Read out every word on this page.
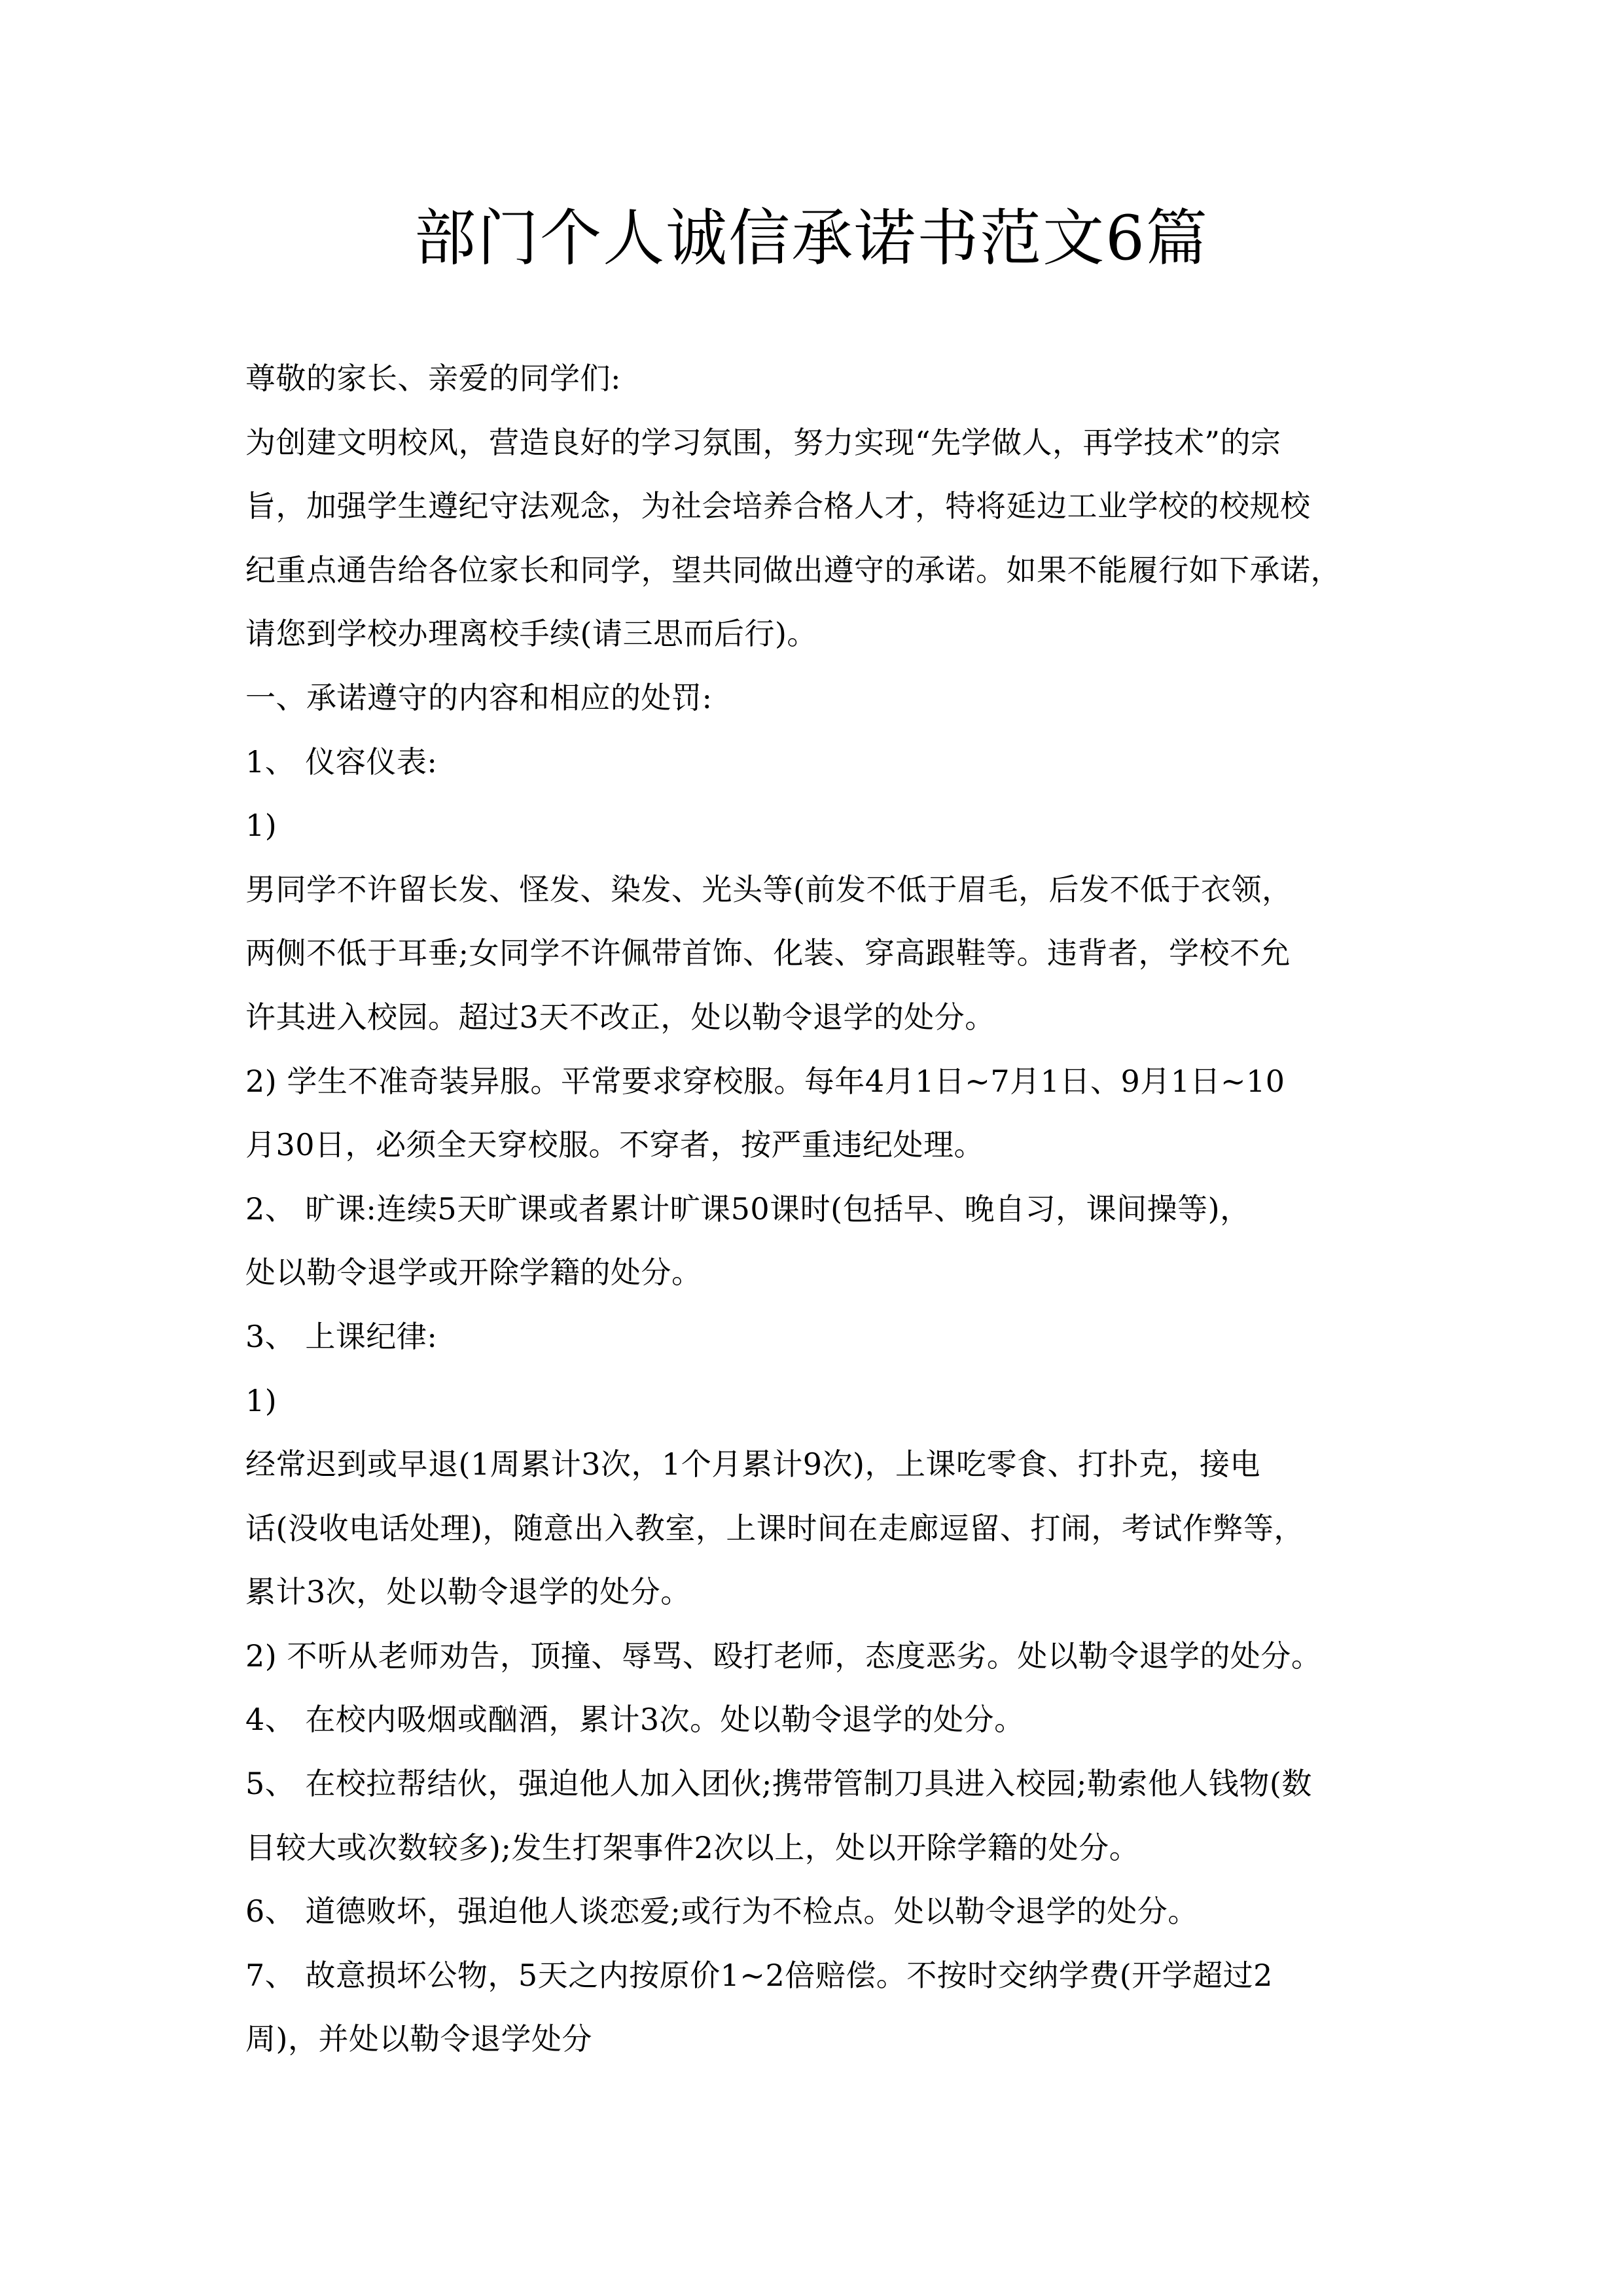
部门个人诚信承诺书范文6篇
尊敬的家长、亲爱的同学们:
为创建文明校风，营造良好的学习氛围，努力实现“先学做人，再学技术”的宗
旨，加强学生遵纪守法观念，为社会培养合格人才，特将延边工业学校的校规校
纪重点通告给各位家长和同学，望共同做出遵守的承诺。如果不能履行如下承诺，
请您到学校办理离校手续(请三思而后行)。
一、承诺遵守的内容和相应的处罚:
1、 仪容仪表:
1)
男同学不许留长发、怪发、染发、光头等(前发不低于眉毛，后发不低于衣领，
两侧不低于耳垂;女同学不许佩带首饰、化装、穿高跟鞋等。违背者，学校不允
许其进入校园。超过3天不改正，处以勒令退学的处分。
2) 学生不准奇装异服。平常要求穿校服。每年4月1日~7月1日、9月1日~10
月30日，必须全天穿校服。不穿者，按严重违纪处理。
2、 旷课:连续5天旷课或者累计旷课50课时(包括早、晚自习，课间操等)，
处以勒令退学或开除学籍的处分。
3、 上课纪律:
1)
经常迟到或早退(1周累计3次，1个月累计9次)，上课吃零食、打扑克，接电
话(没收电话处理)，随意出入教室，上课时间在走廊逗留、打闹，考试作弊等，
累计3次，处以勒令退学的处分。
2) 不听从老师劝告，顶撞、辱骂、殴打老师，态度恶劣。处以勒令退学的处分。
4、 在校内吸烟或酗酒，累计3次。处以勒令退学的处分。
5、 在校拉帮结伙，强迫他人加入团伙;携带管制刀具进入校园;勒索他人钱物(数
目较大或次数较多);发生打架事件2次以上，处以开除学籍的处分。
6、 道德败坏，强迫他人谈恋爱;或行为不检点。处以勒令退学的处分。
7、 故意损坏公物，5天之内按原价1~2倍赔偿。不按时交纳学费(开学超过2
周)，并处以勒令退学处分
